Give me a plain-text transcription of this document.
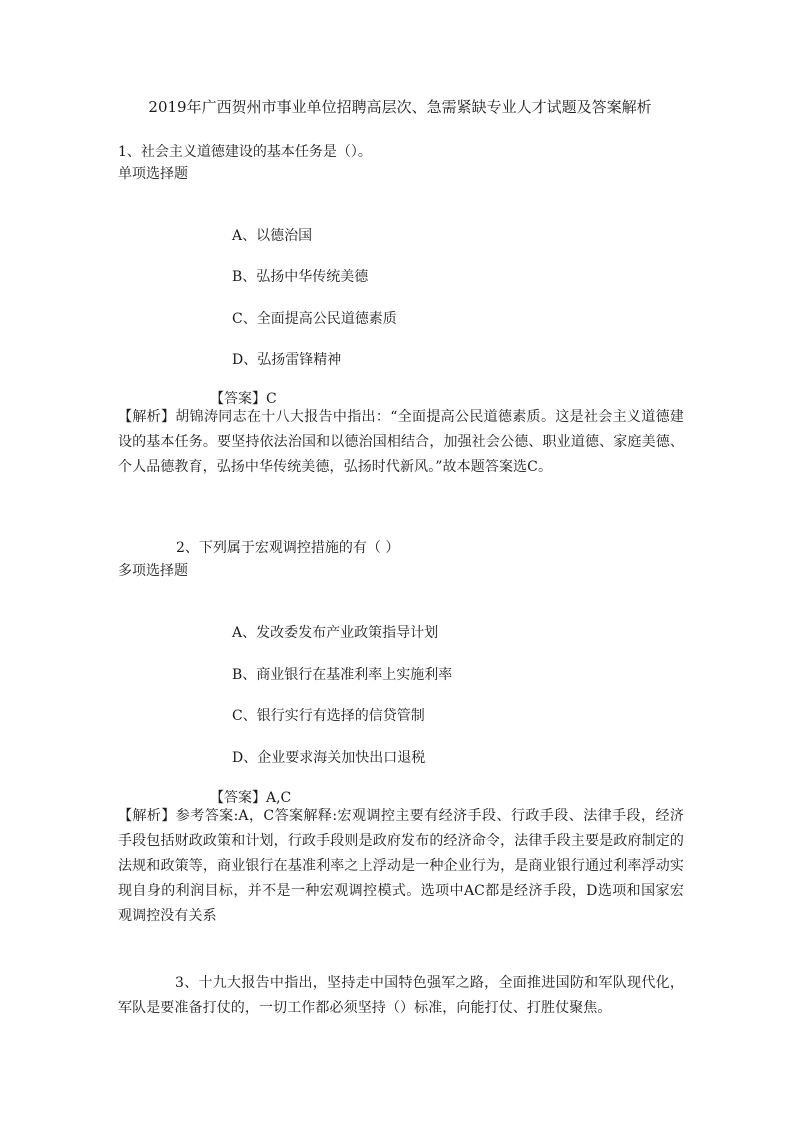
2019年广西贺州市事业单位招聘高层次、急需紧缺专业人才试题及答案解析
1、社会主义道德建设的基本任务是（）。
单项选择题
A、以德治国
B、弘扬中华传统美德
C、全面提高公民道德素质
D、弘扬雷锋精神
【答案】C
【解析】胡锦涛同志在十八大报告中指出：“全面提高公民道德素质。这是社会主义道德建设的基本任务。要坚持依法治国和以德治国相结合，加强社会公德、职业道德、家庭美德、个人品德教育，弘扬中华传统美德，弘扬时代新风。”故本题答案选C。
2、下列属于宏观调控措施的有（ ）
多项选择题
A、发改委发布产业政策指导计划
B、商业银行在基准利率上实施利率
C、银行实行有选择的信贷管制
D、企业要求海关加快出口退税
【答案】A,C
【解析】参考答案:A，C答案解释:宏观调控主要有经济手段、行政手段、法律手段，经济手段包括财政政策和计划，行政手段则是政府发布的经济命令，法律手段主要是政府制定的法规和政策等，商业银行在基准利率之上浮动是一种企业行为，是商业银行通过利率浮动实现自身的利润目标，并不是一种宏观调控模式。选项中AC都是经济手段，D选项和国家宏观调控没有关系
3、十九大报告中指出，坚持走中国特色强军之路，全面推进国防和军队现代化，军队是要准备打仗的，一切工作都必须坚持（）标准，向能打仗、打胜仗聚焦。
